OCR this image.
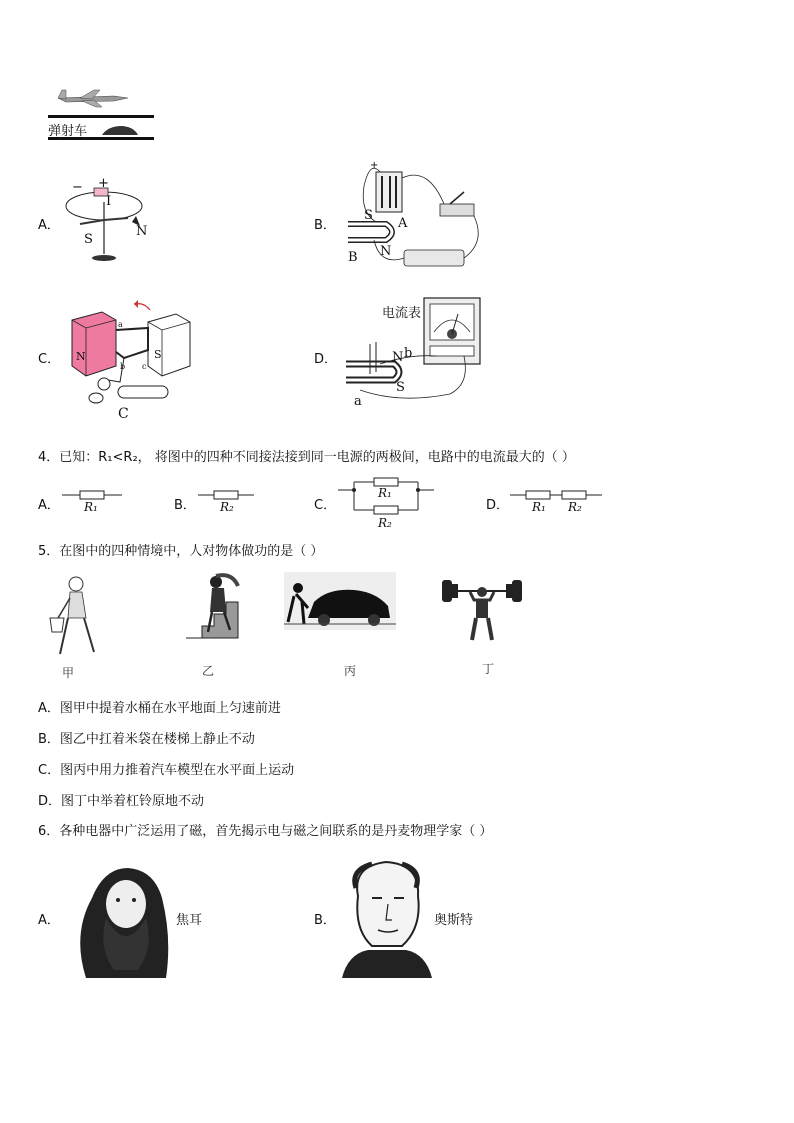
弹射车
A．
− +
I
S
N	B．
+
S
A
B N
C． N	S
C
a
b c	D．
电流表
N b
S
a
4．已知：R₁<R₂， 将图中的四种不同接法接到同一电源的两极间，电路中的电流最大的（ ）
A． R₁	B． R₂	C．
R₁
R₂
D． R₁ R₂
5．在图中的四种情境中，人对物体做功的是（ ）
甲	乙	丙	丁
A．图甲中提着水桶在水平地面上匀速前进
B．图乙中扛着米袋在楼梯上静止不动
C．图丙中用力推着汽车模型在水平面上运动
D．图丁中举着杠铃原地不动
6．各种电器中广泛运用了磁，首先揭示电与磁之间联系的是丹麦物理学家（ ）
A．	焦耳	B．	奥斯特
